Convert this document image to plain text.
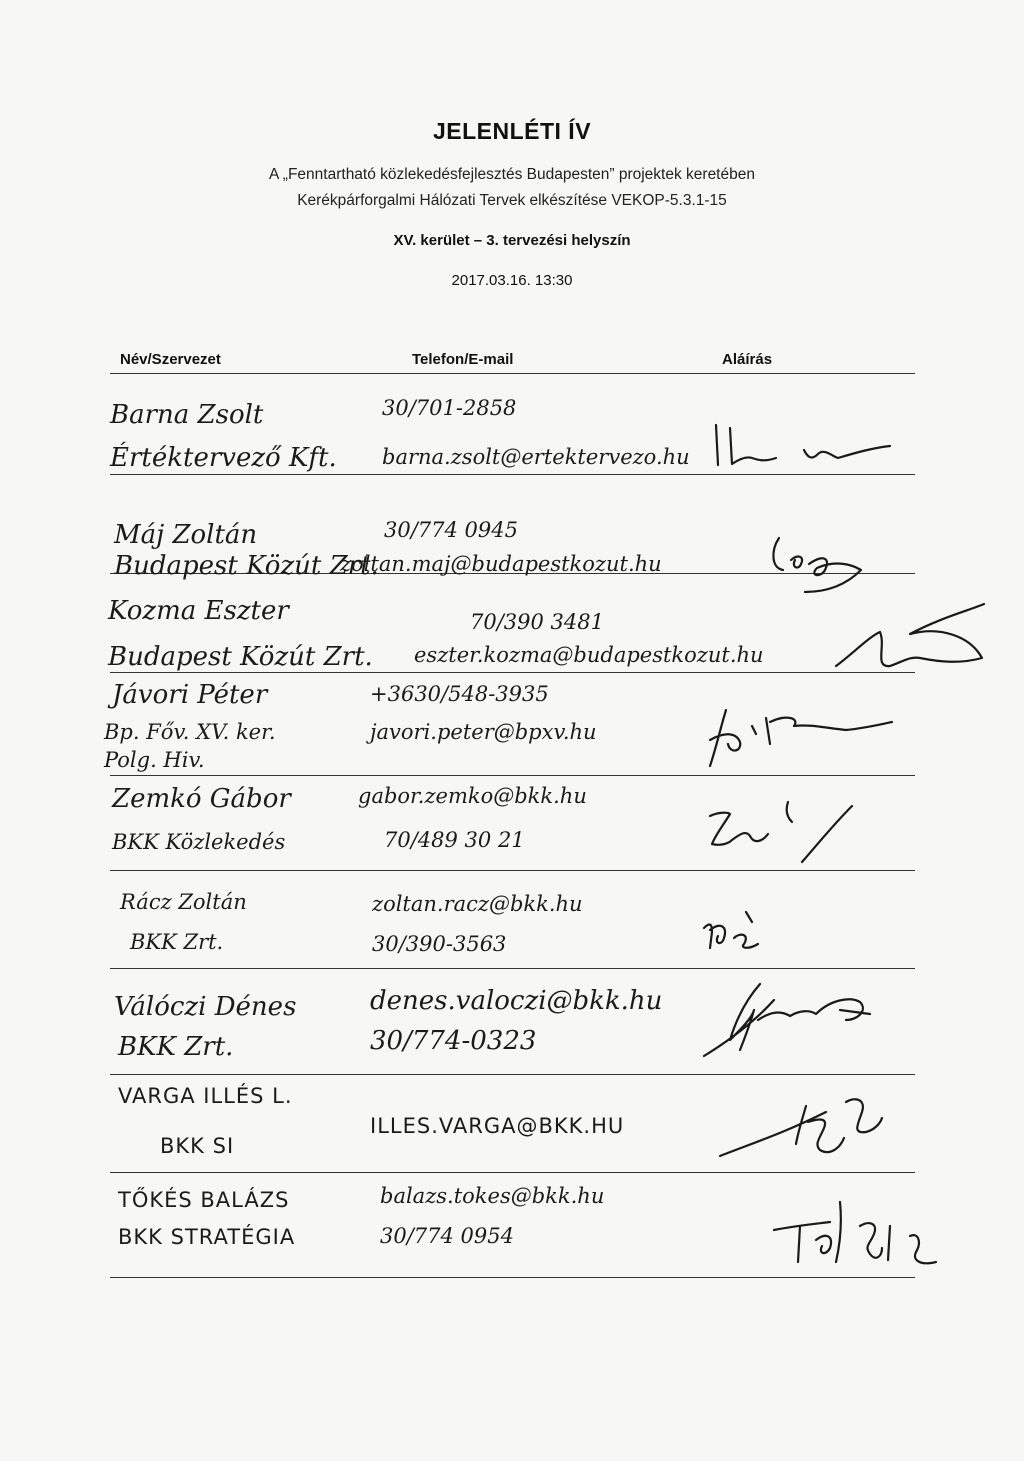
JELENLÉTI ÍV
A „Fenntartható közlekedésfejlesztés Budapesten” projektek keretében
Kerékpárforgalmi Hálózati Tervek elkészítése VEKOP-5.3.1-15
XV. kerület – 3. tervezési helyszín
2017.03.16. 13:30
Név/Szervezet	Telefon/E-mail	Aláírás
Barna Zsolt
Értéktervező Kft.
30/701-2858
barna.zsolt@ertektervezo.hu
Máj Zoltán
Budapest Közút Zrt.
30/774 0945
zoltan.maj@budapestkozut.hu
Kozma Eszter
Budapest Közút Zrt.
70/390 3481
eszter.kozma@budapestkozut.hu
Jávori Péter
Bp. Főv. XV. ker.
Polg. Hiv.
+3630/548-3935
javori.peter@bpxv.hu
Zemkó Gábor
BKK Közlekedés
gabor.zemko@bkk.hu
70/489 30 21
Rácz Zoltán
BKK Zrt.
zoltan.racz@bkk.hu
30/390-3563
Válóczi Dénes
BKK Zrt.
denes.valoczi@bkk.hu
30/774-0323
VARGA ILLÉS L.
BKK SI
ILLES.VARGA@BKK.HU
TŐKÉS BALÁZS
BKK STRATÉGIA
balazs.tokes@bkk.hu
30/774 0954
